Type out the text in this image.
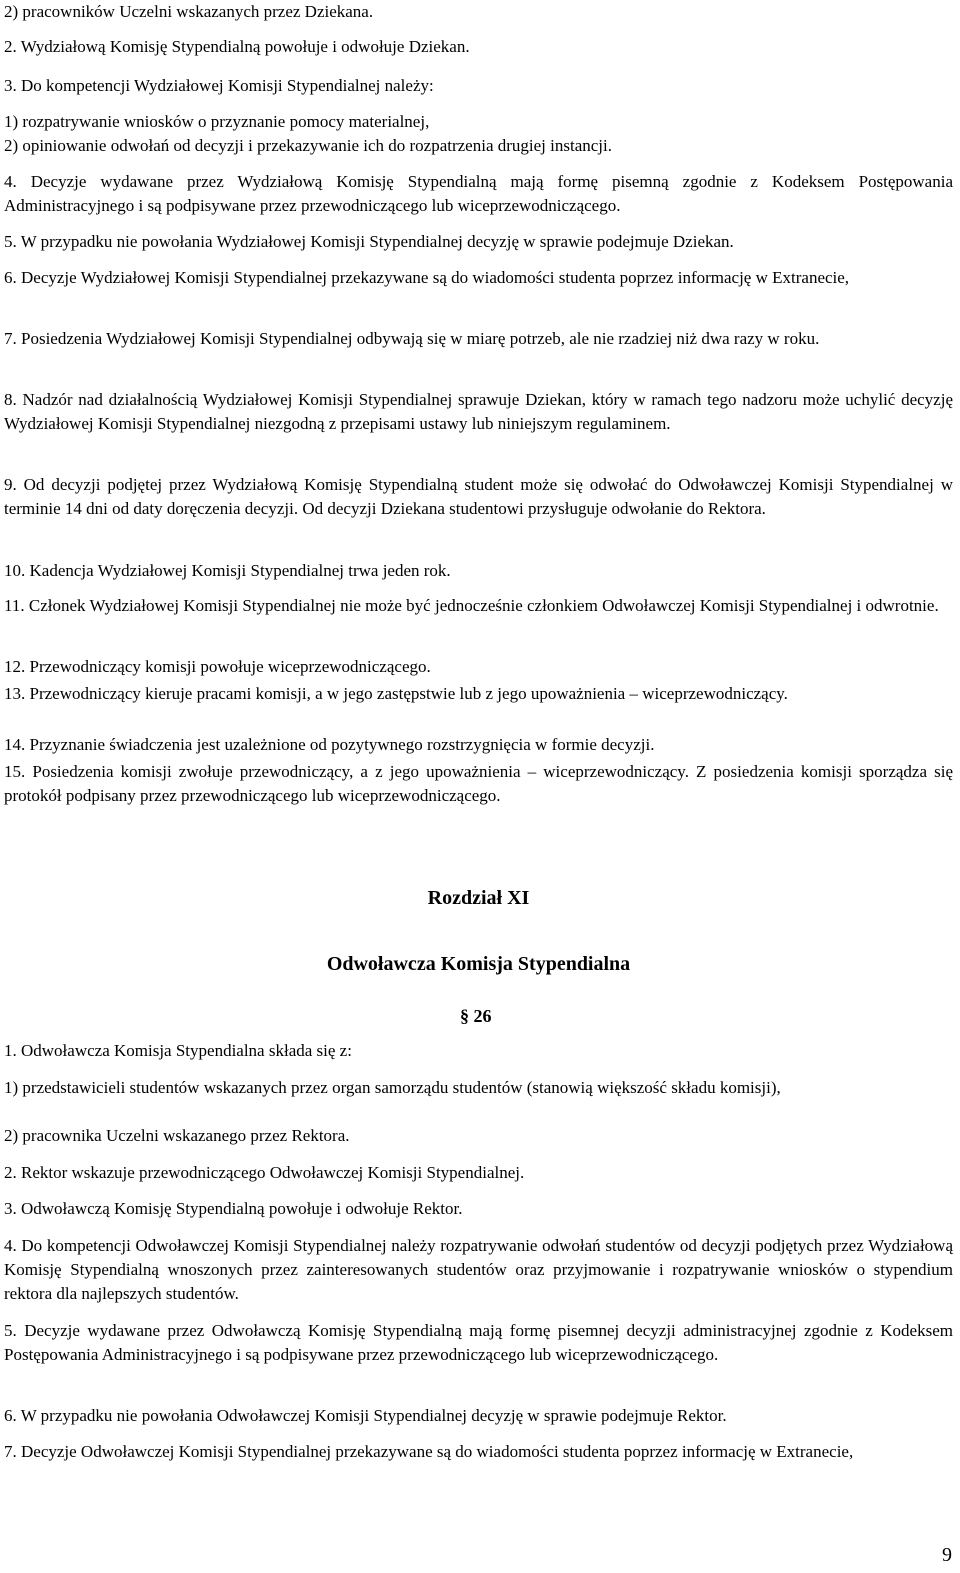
2) pracowników Uczelni wskazanych przez Dziekana.

2. Wydziałową Komisję Stypendialną powołuje i odwołuje Dziekan.

3. Do kompetencji Wydziałowej Komisji Stypendialnej należy:

1) rozpatrywanie wniosków o przyznanie pomocy materialnej,

2) opiniowanie odwołań od decyzji i przekazywanie ich do rozpatrzenia drugiej instancji.

4. Decyzje wydawane przez Wydziałową Komisję Stypendialną mają formę pisemną zgodnie z Kodeksem Postępowania Administracyjnego i są podpisywane przez przewodniczącego lub wiceprzewodniczącego.

5. W przypadku nie powołania Wydziałowej Komisji Stypendialnej decyzję w sprawie podejmuje Dziekan.

6. Decyzje Wydziałowej Komisji Stypendialnej przekazywane są do wiadomości studenta poprzez informację w Extranecie,

7. Posiedzenia Wydziałowej Komisji Stypendialnej odbywają się w miarę potrzeb, ale nie rzadziej niż dwa razy w roku.

8. Nadzór nad działalnością Wydziałowej Komisji Stypendialnej sprawuje Dziekan, który w ramach tego nadzoru może uchylić decyzję Wydziałowej Komisji Stypendialnej niezgodną z przepisami ustawy lub niniejszym regulaminem.

9. Od decyzji podjętej przez Wydziałową Komisję Stypendialną student może się odwołać do Odwoławczej Komisji Stypendialnej w terminie 14 dni od daty doręczenia decyzji. Od decyzji Dziekana studentowi przysługuje odwołanie do Rektora.

10. Kadencja Wydziałowej Komisji Stypendialnej trwa jeden rok.

11. Członek Wydziałowej Komisji Stypendialnej nie może być jednocześnie członkiem Odwoławczej Komisji Stypendialnej i odwrotnie.

12. Przewodniczący komisji powołuje wiceprzewodniczącego.

13. Przewodniczący kieruje pracami komisji, a w jego zastępstwie lub z jego upoważnienia – wiceprzewodniczący.

14. Przyznanie świadczenia jest uzależnione od pozytywnego rozstrzygnięcia w formie decyzji.

15. Posiedzenia komisji zwołuje przewodniczący, a z jego upoważnienia – wiceprzewodniczący. Z posiedzenia komisji sporządza się protokół podpisany przez przewodniczącego lub wiceprzewodniczącego.

Rozdział XI
Odwoławcza Komisja Stypendialna
§ 26

1. Odwoławcza Komisja Stypendialna składa się z:

1) przedstawicieli studentów wskazanych przez organ samorządu studentów (stanowią większość składu komisji),

2) pracownika Uczelni wskazanego przez Rektora.

2. Rektor wskazuje przewodniczącego Odwoławczej Komisji Stypendialnej.

3. Odwoławczą Komisję Stypendialną powołuje i odwołuje Rektor.

4. Do kompetencji Odwoławczej Komisji Stypendialnej należy rozpatrywanie odwołań studentów od decyzji podjętych przez Wydziałową Komisję Stypendialną wnoszonych przez zainteresowanych studentów oraz przyjmowanie i rozpatrywanie wniosków o stypendium rektora dla najlepszych studentów.

5. Decyzje wydawane przez Odwoławczą Komisję Stypendialną mają formę pisemnej decyzji administracyjnej zgodnie z Kodeksem Postępowania Administracyjnego i są podpisywane przez przewodniczącego lub wiceprzewodniczącego.

6. W przypadku nie powołania Odwoławczej Komisji Stypendialnej decyzję w sprawie podejmuje Rektor.

7. Decyzje Odwoławczej Komisji Stypendialnej przekazywane są do wiadomości studenta poprzez informację w Extranecie,

9
